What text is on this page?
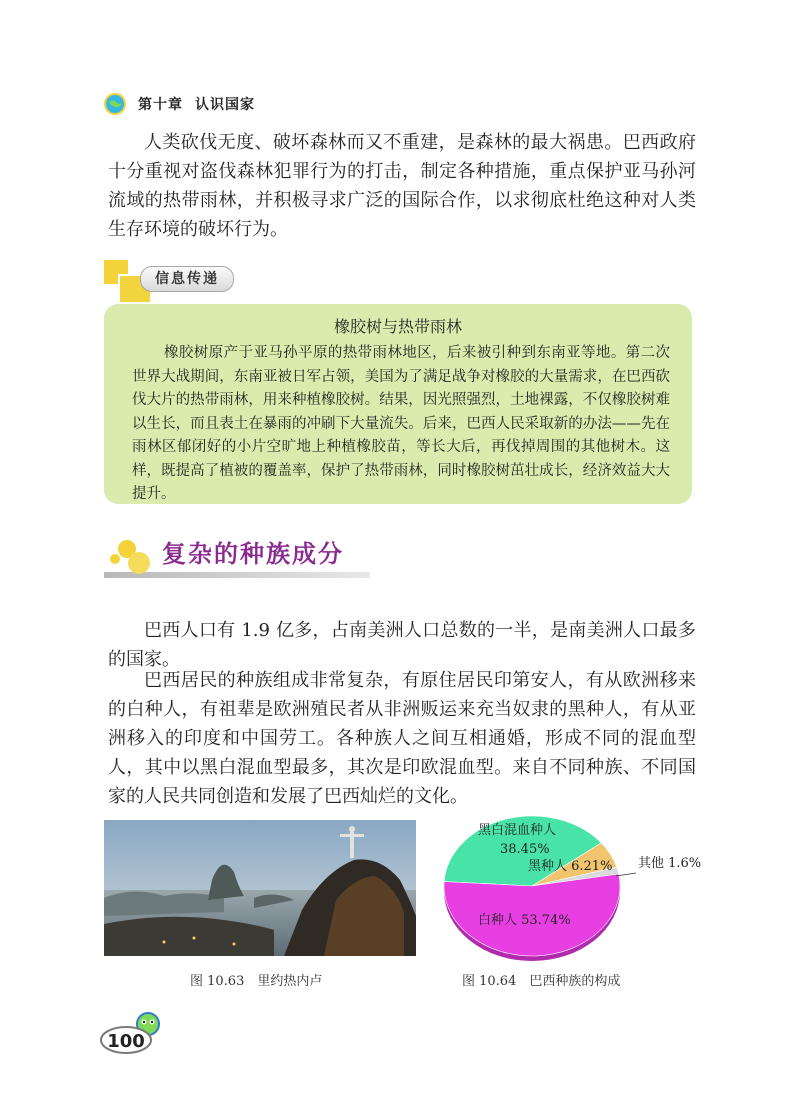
第十章 认识国家

人类砍伐无度、破坏森林而又不重建，是森林的最大祸患。巴西政府十分重视对盗伐森林犯罪行为的打击，制定各种措施，重点保护亚马孙河流域的热带雨林，并积极寻求广泛的国际合作，以求彻底杜绝这种对人类生存环境的破坏行为。

信息传递

橡胶树与热带雨林

橡胶树原产于亚马孙平原的热带雨林地区，后来被引种到东南亚等地。第二次世界大战期间，东南亚被日军占领，美国为了满足战争对橡胶的大量需求，在巴西砍伐大片的热带雨林，用来种植橡胶树。结果，因光照强烈，土地裸露，不仅橡胶树难以生长，而且表土在暴雨的冲刷下大量流失。后来，巴西人民采取新的办法——先在雨林区郁闭好的小片空旷地上种植橡胶苗，等长大后，再伐掉周围的其他树木。这样，既提高了植被的覆盖率，保护了热带雨林，同时橡胶树茁壮成长，经济效益大大提升。

复杂的种族成分

巴西人口有 1.9 亿多，占南美洲人口总数的一半，是南美洲人口最多的国家。

巴西居民的种族组成非常复杂，有原住居民印第安人，有从欧洲移来的白种人，有祖辈是欧洲殖民者从非洲贩运来充当奴隶的黑种人，有从亚洲移入的印度和中国劳工。各种族人之间互相通婚，形成不同的混血型人，其中以黑白混血型最多，其次是印欧混血型。来自不同种族、不同国家的人民共同创造和发展了巴西灿烂的文化。

图 10.63　里约热内卢
黑白混血种人
38.45%
黑种人 6.21% 其他 1.6%
白种人 53.74%
图 10.64　巴西种族的构成
100
